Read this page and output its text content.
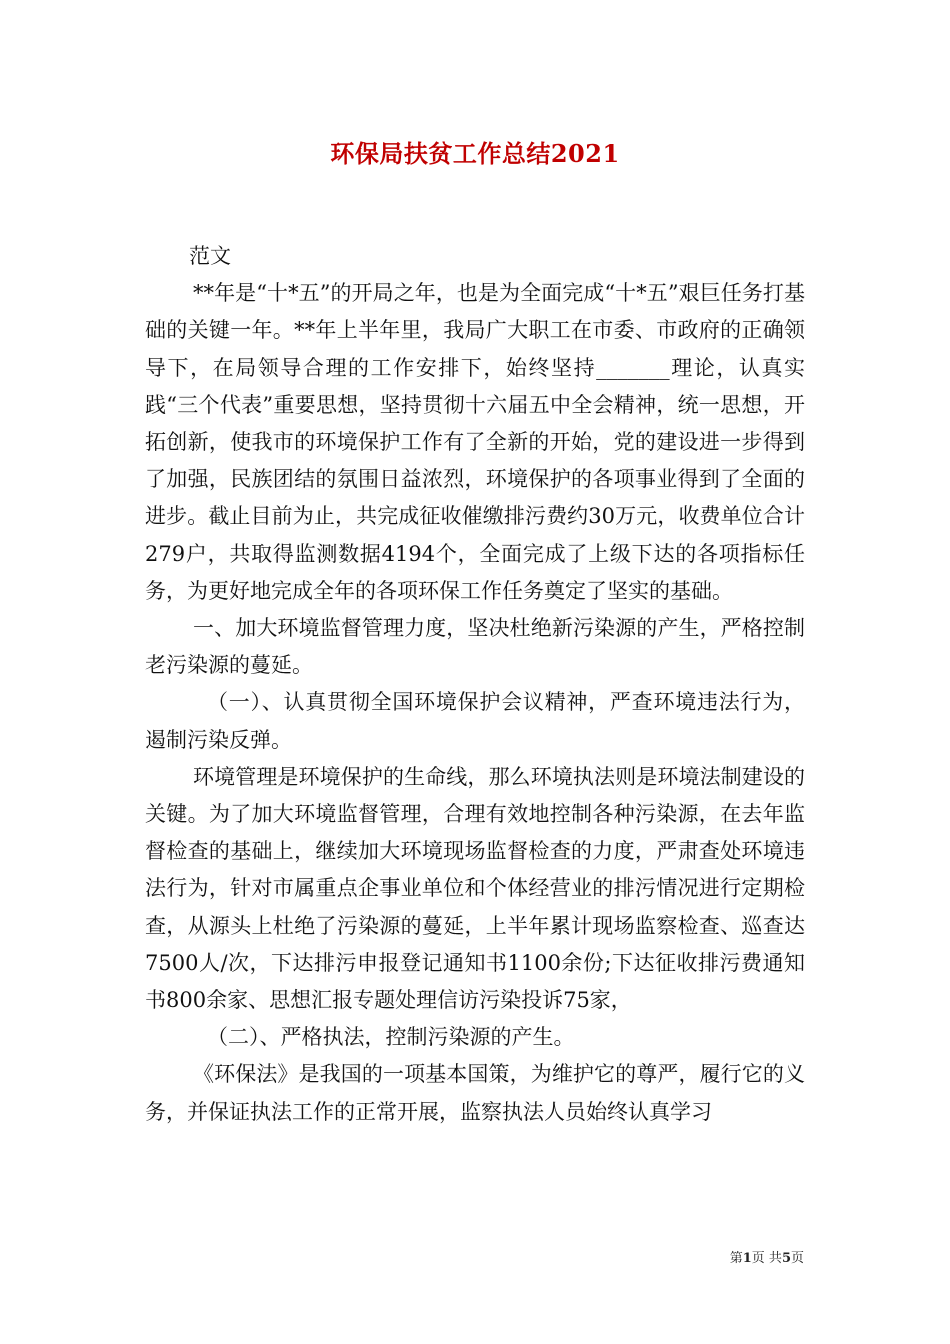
环保局扶贫工作总结2021

范文

**年是“十*五”的开局之年，也是为全面完成“十*五”艰巨任务打基础的关键一年。**年上半年里，我局广大职工在市委、市政府的正确领导下，在局领导合理的工作安排下，始终坚持_______理论，认真实践“三个代表”重要思想，坚持贯彻十六届五中全会精神，统一思想，开拓创新，使我市的环境保护工作有了全新的开始，党的建设进一步得到了加强，民族团结的氛围日益浓烈，环境保护的各项事业得到了全面的进步。截止目前为止，共完成征收催缴排污费约30万元，收费单位合计279户，共取得监测数据4194个，全面完成了上级下达的各项指标任务，为更好地完成全年的各项环保工作任务奠定了坚实的基础。

一、加大环境监督管理力度，坚决杜绝新污染源的产生，严格控制老污染源的蔓延。

（一）、认真贯彻全国环境保护会议精神，严查环境违法行为，遏制污染反弹。

环境管理是环境保护的生命线，那么环境执法则是环境法制建设的关键。为了加大环境监督管理，合理有效地控制各种污染源，在去年监督检查的基础上，继续加大环境现场监督检查的力度，严肃查处环境违法行为，针对市属重点企事业单位和个体经营业的排污情况进行定期检查，从源头上杜绝了污染源的蔓延，上半年累计现场监察检查、巡查达7500人/次，下达排污申报登记通知书1100余份;下达征收排污费通知书800余家、思想汇报专题处理信访污染投诉75家，

（二）、严格执法，控制污染源的产生。

《环保法》是我国的一项基本国策，为维护它的尊严，履行它的义务，并保证执法工作的正常开展，监察执法人员始终认真学习

第1页 共5页
